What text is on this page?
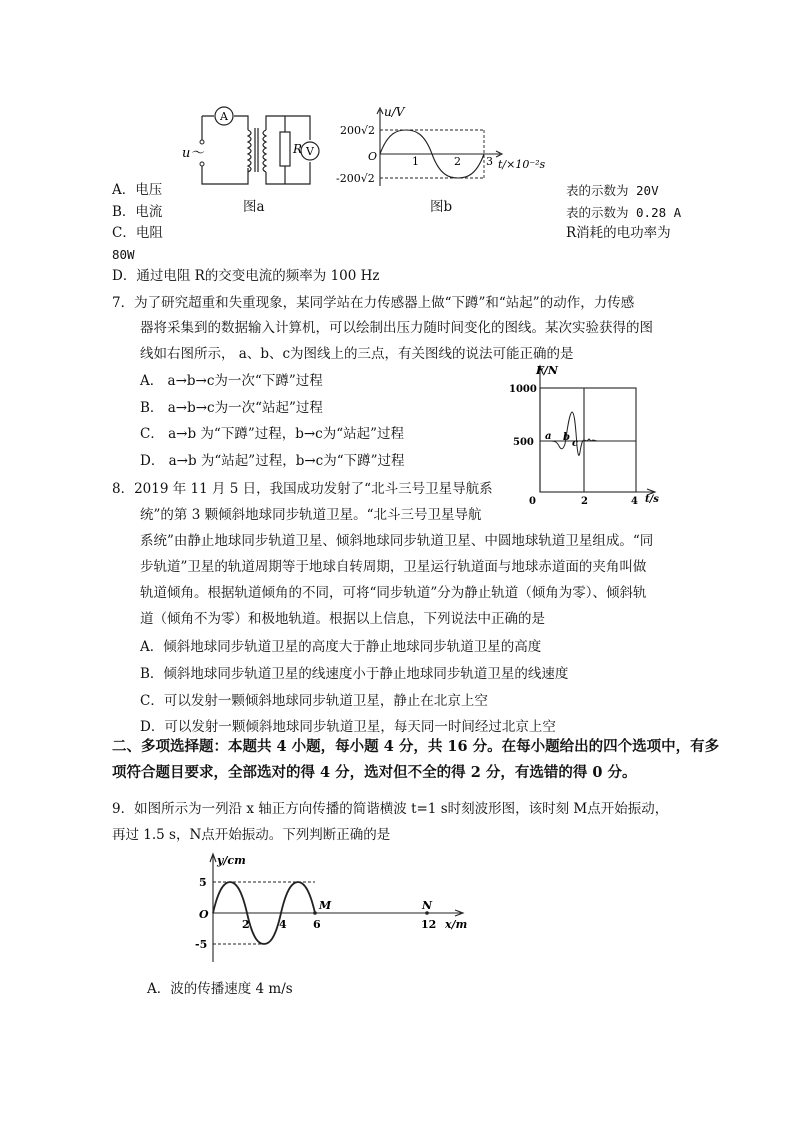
A
V
R
u～
图a
u/V
200√2
-200√2
O	1	2 3 t/×10⁻²s
图b
A．电压	表的示数为 20V
B．电流	表的示数为 0.28 A
C．电阻	R消耗的电功率为
80W
D．通过电阻 R的交变电流的频率为 100 Hz
7．为了研究超重和失重现象，某同学站在力传感器上做“下蹲”和“站起”的动作，力传感
器将采集到的数据输入计算机，可以绘制出压力随时间变化的图线。某次实验获得的图
线如右图所示， a、b、c为图线上的三点，有关图线的说法可能正确的是
A． a→b→c为一次“下蹲”过程
B． a→b→c为一次“站起”过程
C． a→b 为“下蹲”过程，b→c为“站起”过程
D． a→b 为“站起”过程，b→c为“下蹲”过程
F/N
1000
500
a b
c
0	2	4 t/s
8．2019 年 11 月 5 日，我国成功发射了“北斗三号卫星导航系
统”的第 3 颗倾斜地球同步轨道卫星。“北斗三号卫星导航
系统”由静止地球同步轨道卫星、倾斜地球同步轨道卫星、中圆地球轨道卫星组成。“同
步轨道”卫星的轨道周期等于地球自转周期，卫星运行轨道面与地球赤道面的夹角叫做
轨道倾角。根据轨道倾角的不同，可将“同步轨道”分为静止轨道（倾角为零）、倾斜轨
道（倾角不为零）和极地轨道。根据以上信息，下列说法中正确的是
A．倾斜地球同步轨道卫星的高度大于静止地球同步轨道卫星的高度
B．倾斜地球同步轨道卫星的线速度小于静止地球同步轨道卫星的线速度
C．可以发射一颗倾斜地球同步轨道卫星，静止在北京上空
D．可以发射一颗倾斜地球同步轨道卫星，每天同一时间经过北京上空
二、多项选择题：本题共 4 小题，每小题 4 分，共 16 分。在每小题给出的四个选项中，有多
项符合题目要求，全部选对的得 4 分，选对但不全的得 2 分，有选错的得 0 分。
9．如图所示为一列沿 x 轴正方向传播的简谐横波 t=1 s时刻波形图，该时刻 M点开始振动，
再过 1.5 s，N点开始振动。下列判断正确的是
y/cm
5
-5
O
2	4 6
M	N
12 x/m
A．波的传播速度 4 m/s
